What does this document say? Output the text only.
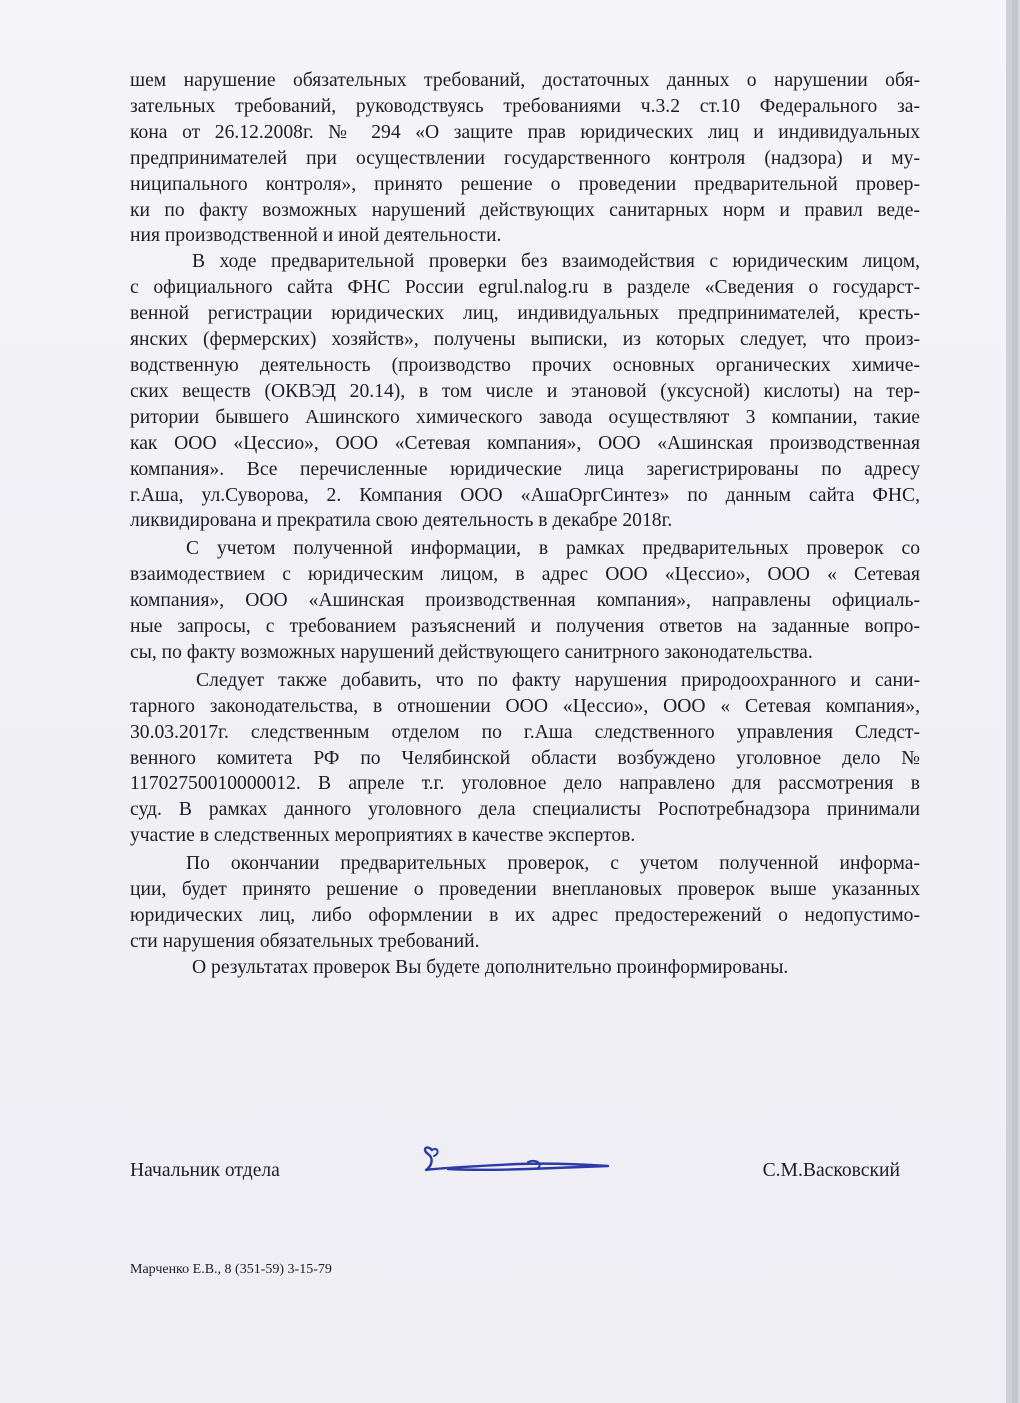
шем нарушение обязательных требований, достаточных данных о нарушении обя-
зательных требований, руководствуясь требованиями ч.3.2 ст.10 Федерального за-
кона от 26.12.2008г. № 294 «О защите прав юридических лиц и индивидуальных
предпринимателей при осуществлении государственного контроля (надзора) и му-
ниципального контроля», принято решение о проведении предварительной провер-
ки по факту возможных нарушений действующих санитарных норм и правил ведe-
ния производственной и иной деятельности.

В ходе предварительной проверки без взаимодействия с юридическим лицом,
с официального сайта ФНС России egrul.nalog.ru в разделе «Сведения о государст-
венной регистрации юридических лиц, индивидуальных предпринимателей, кресть-
янских (фермерских) хозяйств», получены выписки, из которых следует, что произ-
водственную деятельность (производство прочих основных органических химиче-
ских веществ (ОКВЭД 20.14), в том числе и этановой (уксусной) кислоты) на тер-
ритории бывшего Ашинского химического завода осуществляют 3 компании, такие
как ООО «Цессио», ООО «Сетевая компания», ООО «Ашинская производственная
компания». Все перечисленные юридические лица зарегистрированы по адресу
г.Аша, ул.Суворова, 2. Компания ООО «АшаОргСинтез» по данным сайта ФНС,
ликвидирована и прекратила свою деятельность в декабре 2018г.

С учетом полученной информации, в рамках предварительных проверок со
взаимодествием с юридическим лицом, в адрес ООО «Цессио», ООО « Сетевая
компания», ООО «Ашинская производственная компания», направлены официаль-
ные запросы, с требованием разъяснений и получения ответов на заданные вопро-
сы, по факту возможных нарушений действующего санитрного законодательства.

Следует также добавить, что по факту нарушения природоохранного и сани-
тарного законодательства, в отношении ООО «Цессио», ООО « Сетевая компания»,
30.03.2017г. следственным отделом по г.Аша следственного управления Следст-
венного комитета РФ по Челябинской области возбуждено уголовное дело №
11702750010000012. В апреле т.г. уголовное дело направлено для рассмотрения в
суд. В рамках данного уголовного дела специалисты Роспотребнадзора принимали
участие в следственных мероприятиях в качестве экспертов.

По окончании предварительных проверок, с учетом полученной информа-
ции, будет принято решение о проведении внеплановых проверок выше указанных
юридических лиц, либо оформлении в их адрес предостережений о недопустимо-
сти нарушения обязательных требований.

О результатах проверок Вы будете дополнительно проинформированы.

Начальник отдела	С.М.Васковский
Марченко Е.В., 8 (351-59) 3-15-79
